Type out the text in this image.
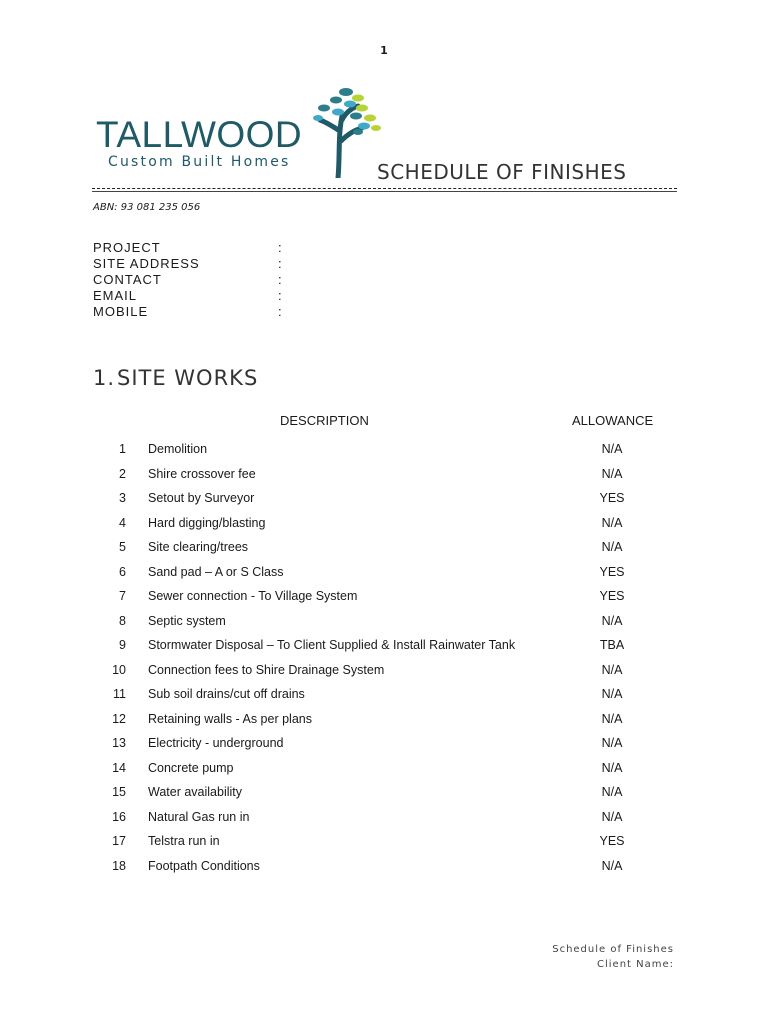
1
TALLWOOD
Custom Built Homes	SCHEDULE OF FINISHES
ABN: 93 081 235 056
PROJECT	:
SITE ADDRESS	:
CONTACT	:
EMAIL	:
MOBILE	:
1.SITE WORKS
DESCRIPTION	ALLOWANCE
1 Demolition	N/A
2 Shire crossover fee	N/A
3 Setout by Surveyor	YES
4 Hard digging/blasting	N/A
5 Site clearing/trees	N/A
6 Sand pad – A or S Class	YES
7 Sewer connection - To Village System	YES
8 Septic system	N/A
9 Stormwater Disposal – To Client Supplied & Install Rainwater Tank	TBA
10 Connection fees to Shire Drainage System	N/A
11 Sub soil drains/cut off drains	N/A
12 Retaining walls - As per plans	N/A
13 Electricity - underground	N/A
14 Concrete pump	N/A
15 Water availability	N/A
16 Natural Gas run in	N/A
17 Telstra run in	YES
18 Footpath Conditions	N/A
Schedule of Finishes
Client Name:
